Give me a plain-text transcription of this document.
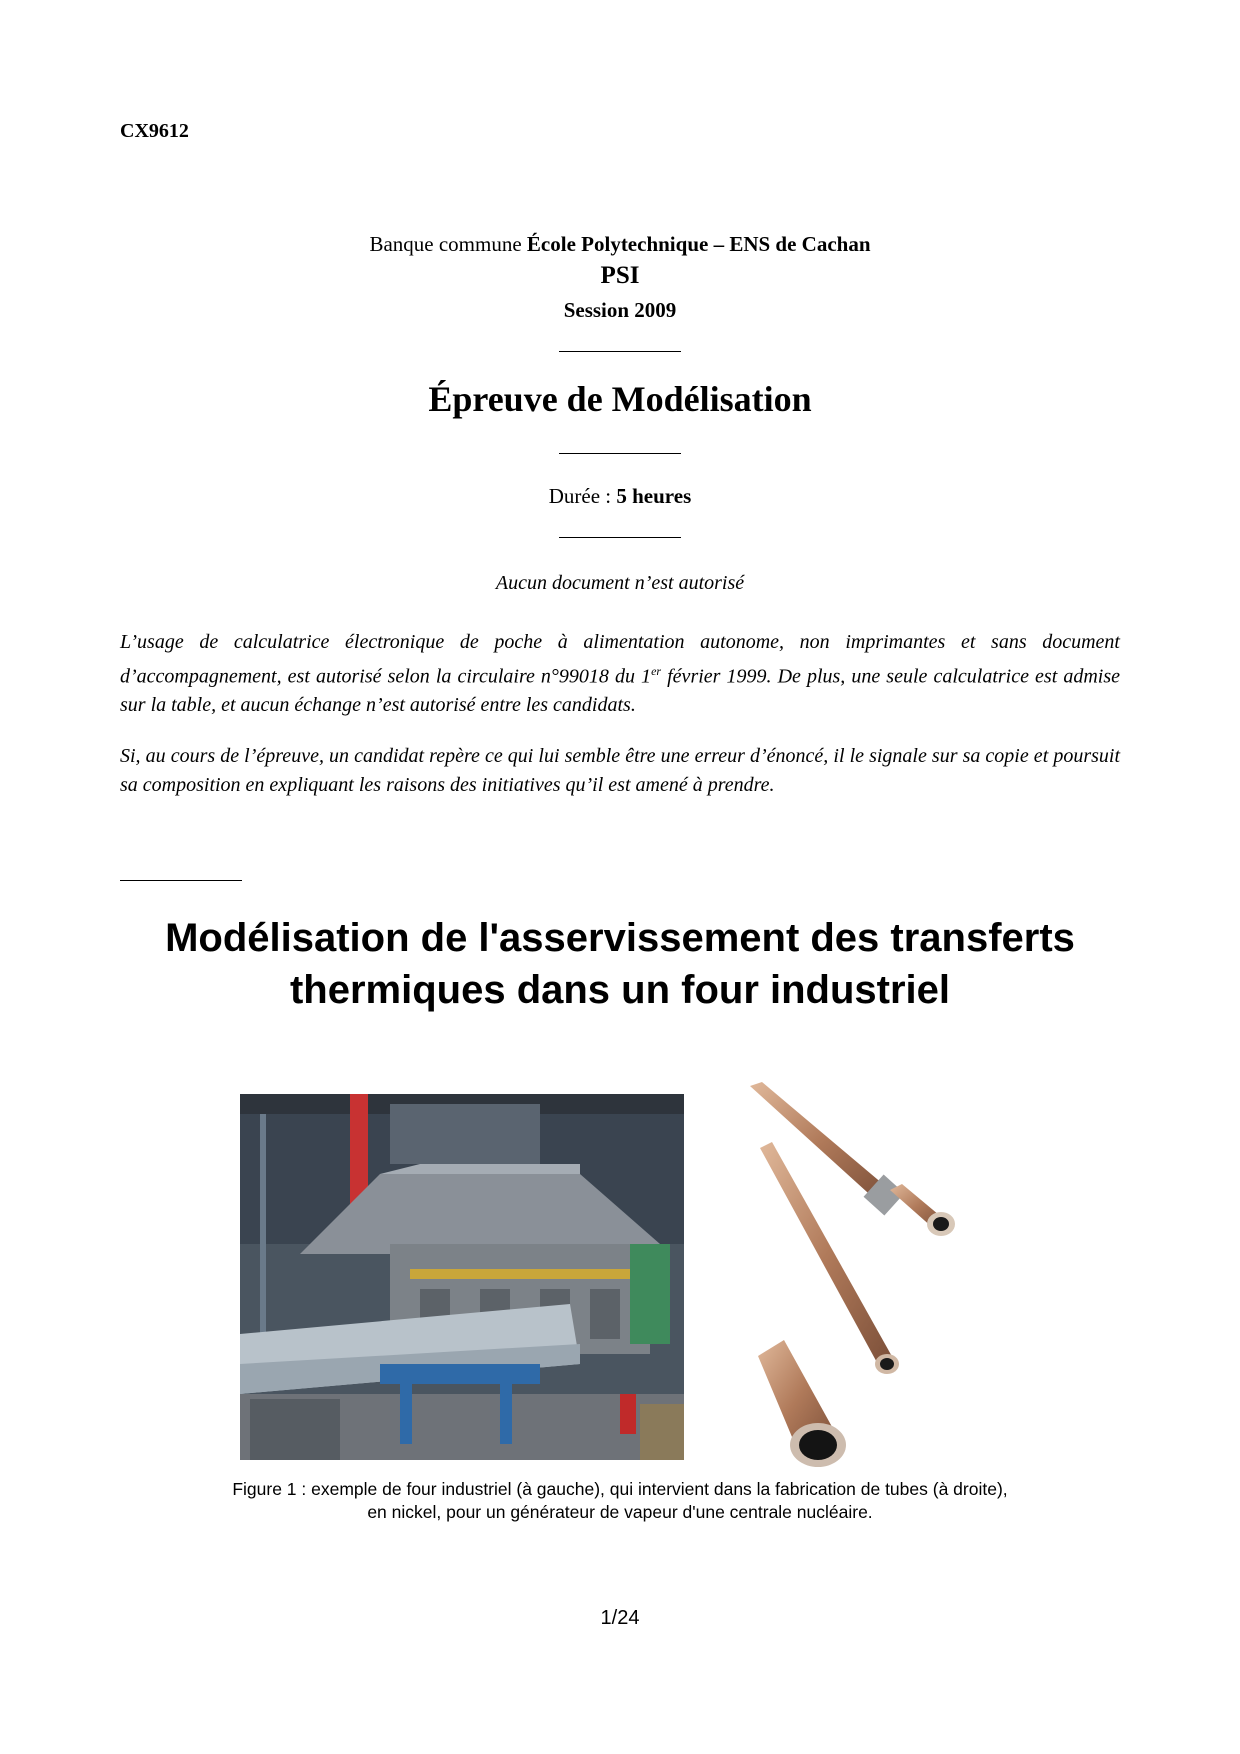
CX9612
Banque commune École Polytechnique – ENS de Cachan
PSI
Session 2009
Épreuve de Modélisation
Durée : 5 heures
Aucun document n’est autorisé
L’usage de calculatrice électronique de poche à alimentation autonome, non imprimantes et sans document d’accompagnement, est autorisé selon la circulaire n°99018 du 1er février 1999. De plus, une seule calculatrice est admise sur la table, et aucun échange n’est autorisé entre les candidats.
Si, au cours de l’épreuve, un candidat repère ce qui lui semble être une erreur d’énoncé, il le signale sur sa copie et poursuit sa composition en expliquant les raisons des initiatives qu’il est amené à prendre.
Modélisation de l'asservissement des transferts
thermiques dans un four industriel
Figure 1 : exemple de four industriel (à gauche), qui intervient dans la fabrication de tubes (à droite),
en nickel, pour un générateur de vapeur d'une centrale nucléaire.
1/24
